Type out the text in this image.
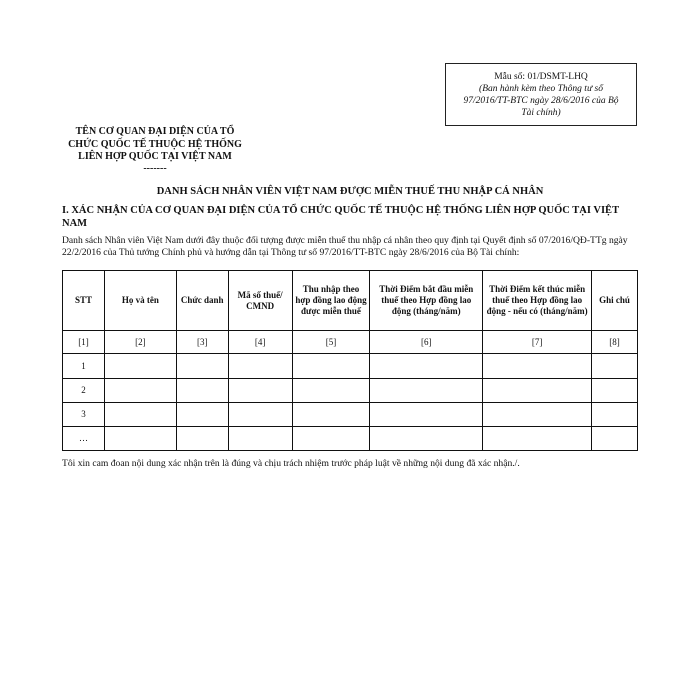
Mẫu số: 01/DSMT-LHQ
(Ban hành kèm theo Thông tư số 97/2016/TT-BTC ngày 28/6/2016 của Bộ Tài chính)
TÊN CƠ QUAN ĐẠI DIỆN CỦA TỔ CHỨC QUỐC TẾ THUỘC HỆ THỐNG LIÊN HỢP QUỐC TẠI VIỆT NAM
-------
DANH SÁCH NHÂN VIÊN VIỆT NAM ĐƯỢC MIỄN THUẾ THU NHẬP CÁ NHÂN
I. XÁC NHẬN CỦA CƠ QUAN ĐẠI DIỆN CỦA TỔ CHỨC QUỐC TẾ THUỘC HỆ THỐNG LIÊN HỢP QUỐC TẠI VIỆT NAM
Danh sách Nhân viên Việt Nam dưới đây thuộc đối tượng được miễn thuế thu nhập cá nhân theo quy định tại Quyết định số 07/2016/QĐ-TTg ngày 22/2/2016 của Thủ tướng Chính phủ và hướng dẫn tại Thông tư số 97/2016/TT-BTC ngày 28/6/2016 của Bộ Tài chính:
STT	Họ và tên	Chức danh	Mã số thuế/ CMND	Thu nhập theo hợp đồng lao động được miễn thuế	Thời Điểm bắt đầu miễn thuế theo Hợp đồng lao động (tháng/năm)	Thời Điểm kết thúc miễn thuế theo Hợp đồng lao động - nếu có (tháng/năm)	Ghi chú
[1]	[2]	[3]	[4]	[5]	[6]	[7]	[8]
1							
2							
3							
…							
Tôi xin cam đoan nội dung xác nhận trên là đúng và chịu trách nhiệm trước pháp luật về những nội dung đã xác nhận./.
